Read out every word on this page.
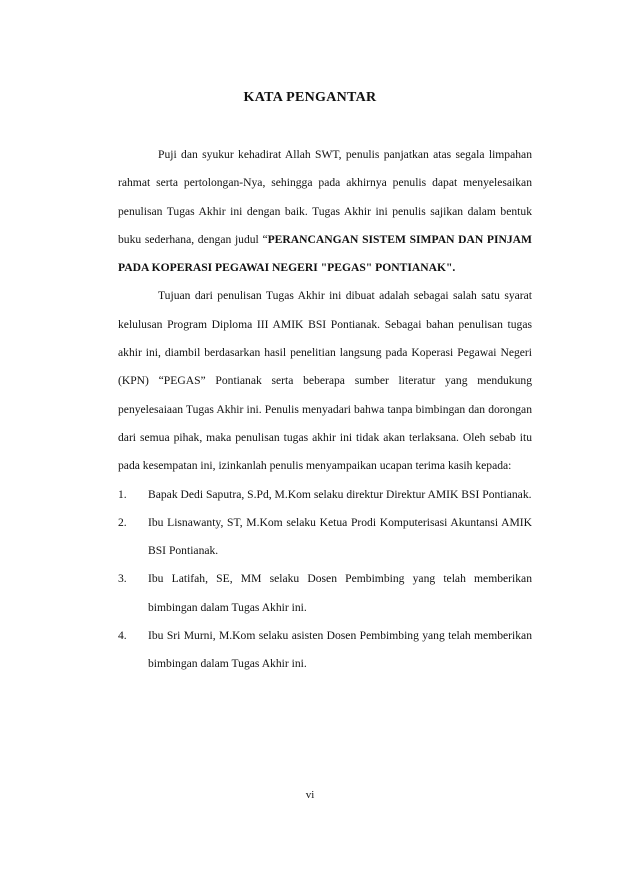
KATA PENGANTAR

Puji dan syukur kehadirat Allah SWT, penulis panjatkan atas segala limpahan rahmat serta pertolongan-Nya, sehingga pada akhirnya penulis dapat menyelesaikan penulisan Tugas Akhir ini dengan baik. Tugas Akhir ini penulis sajikan dalam bentuk buku sederhana, dengan judul “PERANCANGAN SISTEM SIMPAN DAN PINJAM PADA KOPERASI PEGAWAI NEGERI "PEGAS" PONTIANAK".

Tujuan dari penulisan Tugas Akhir ini dibuat adalah sebagai salah satu syarat kelulusan Program Diploma III AMIK BSI Pontianak. Sebagai bahan penulisan tugas akhir ini, diambil berdasarkan hasil penelitian langsung pada Koperasi Pegawai Negeri (KPN) “PEGAS” Pontianak serta beberapa sumber literatur yang mendukung penyelesaiaan Tugas Akhir ini. Penulis menyadari bahwa tanpa bimbingan dan dorongan dari semua pihak, maka penulisan tugas akhir ini tidak akan terlaksana. Oleh sebab itu pada kesempatan ini, izinkanlah penulis menyampaikan ucapan terima kasih kepada:

1. Bapak Dedi Saputra, S.Pd, M.Kom selaku direktur Direktur AMIK BSI Pontianak.
2. Ibu Lisnawanty, ST, M.Kom selaku Ketua Prodi Komputerisasi Akuntansi AMIK BSI Pontianak.
3. Ibu Latifah, SE, MM selaku Dosen Pembimbing yang telah memberikan bimbingan dalam Tugas Akhir ini.
4. Ibu Sri Murni, M.Kom selaku asisten Dosen Pembimbing yang telah memberikan bimbingan dalam Tugas Akhir ini.
vi
